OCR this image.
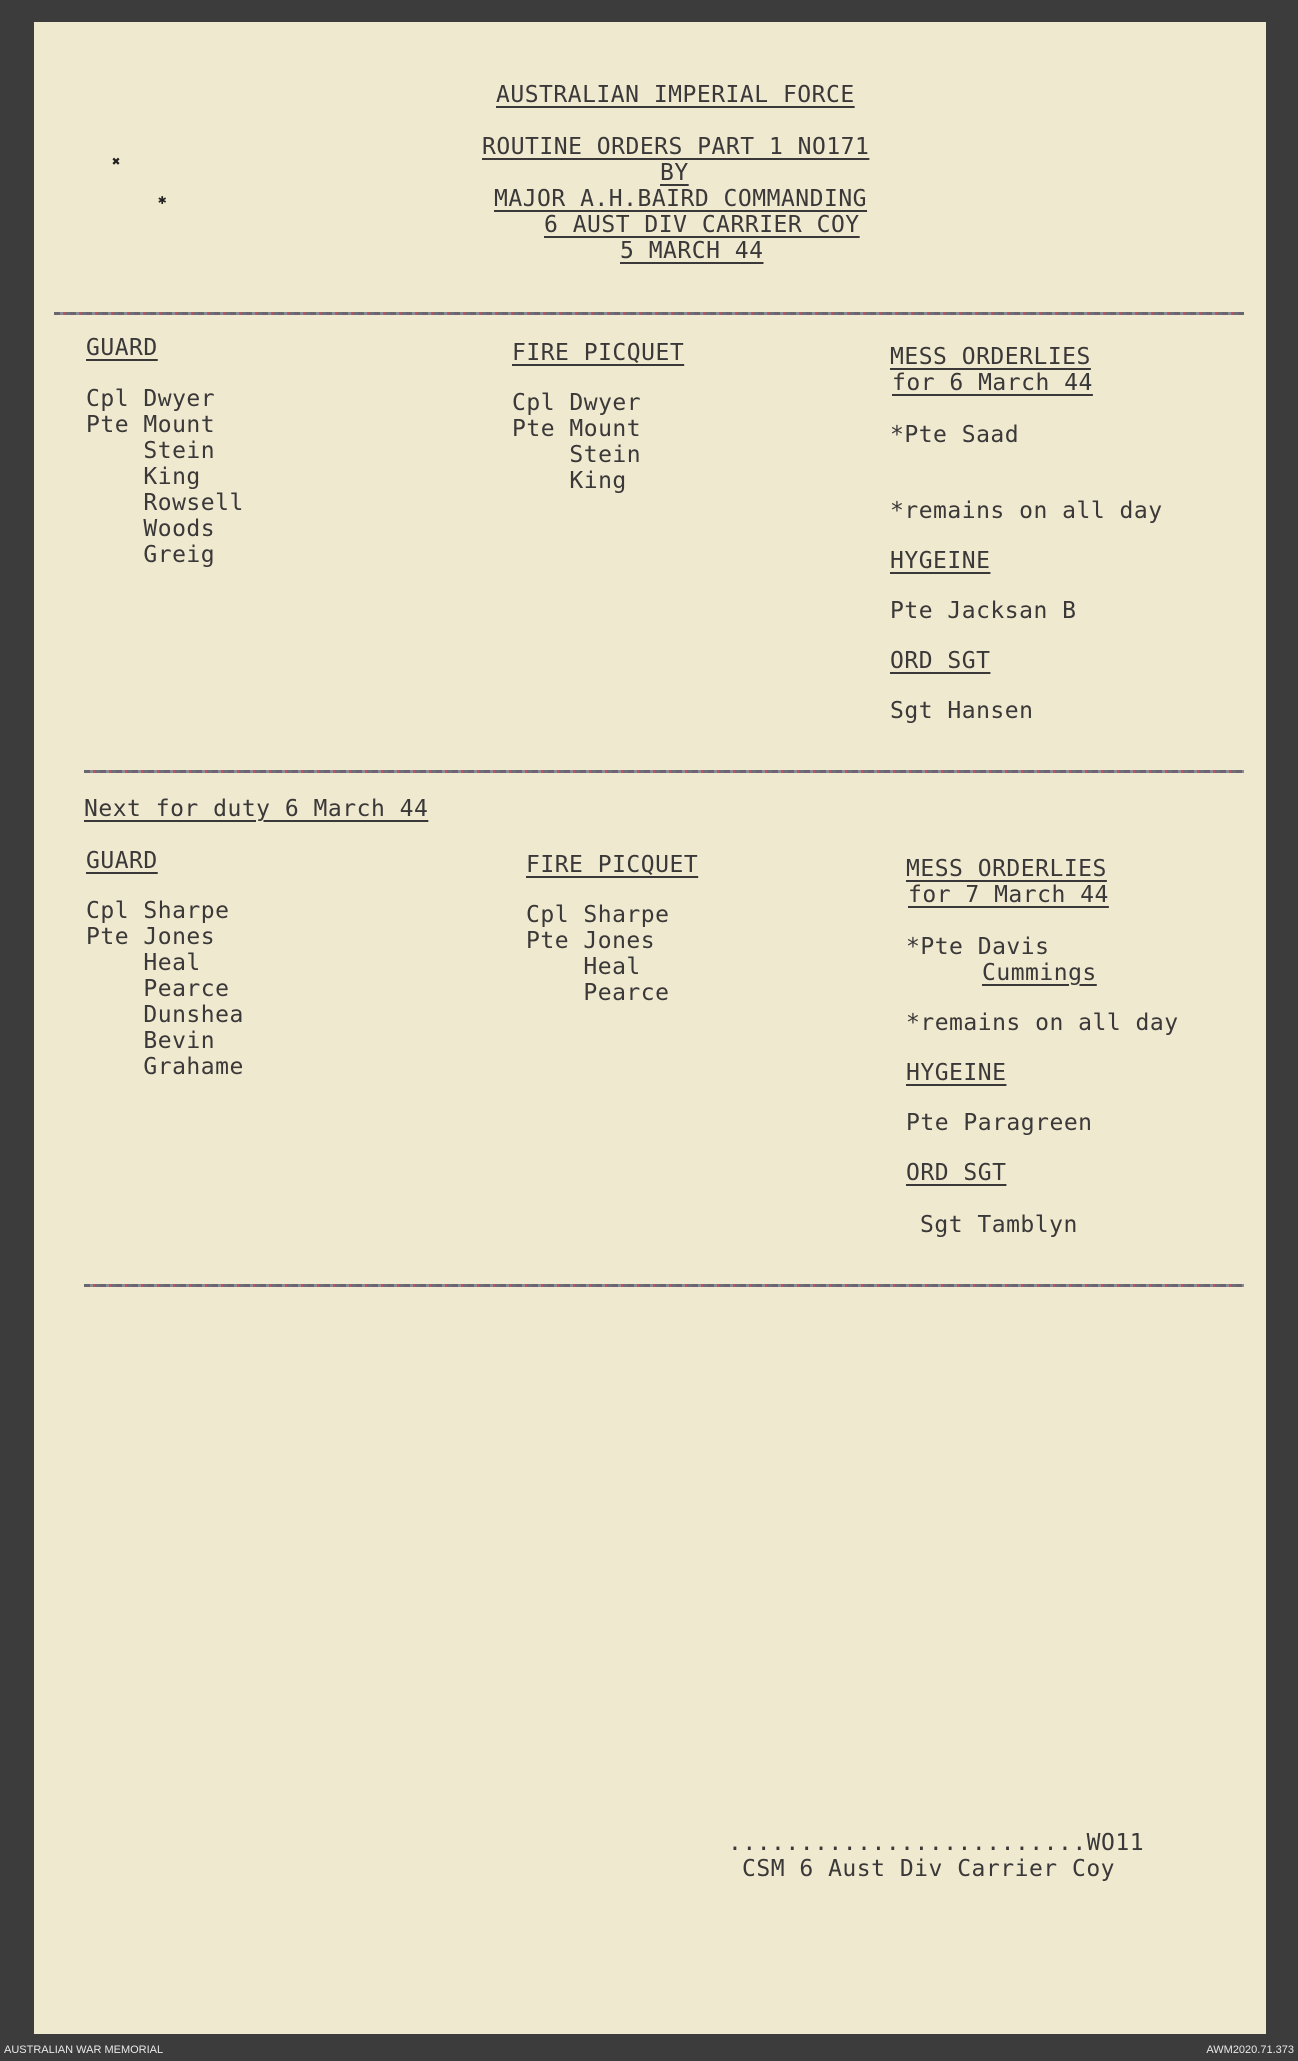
AUSTRALIAN IMPERIAL FORCE
ROUTINE ORDERS PART 1 NO171
BY
MAJOR A.H.BAIRD COMMANDING
6 AUST DIV CARRIER COY
5 MARCH 44
✖
✱
GUARD
Cpl Dwyer
Pte Mount
Stein
King
Rowsell
Woods
Greig
FIRE PICQUET
Cpl Dwyer
Pte Mount
Stein
King
MESS ORDERLIES
for 6 March 44
*Pte Saad
*remains on all day
HYGEINE
Pte Jacksan B
ORD SGT
Sgt Hansen
Next for duty 6 March 44
GUARD
Cpl Sharpe
Pte Jones
Heal
Pearce
Dunshea
Bevin
Grahame
FIRE PICQUET
Cpl Sharpe
Pte Jones
Heal
Pearce
MESS ORDERLIES
for 7 March 44
*Pte Davis
Cummings
*remains on all day
HYGEINE
Pte Paragreen
ORD SGT
Sgt Tamblyn
.........................WO11
CSM 6 Aust Div Carrier Coy
AUSTRALIAN WAR MEMORIAL	AWM2020.71.373
